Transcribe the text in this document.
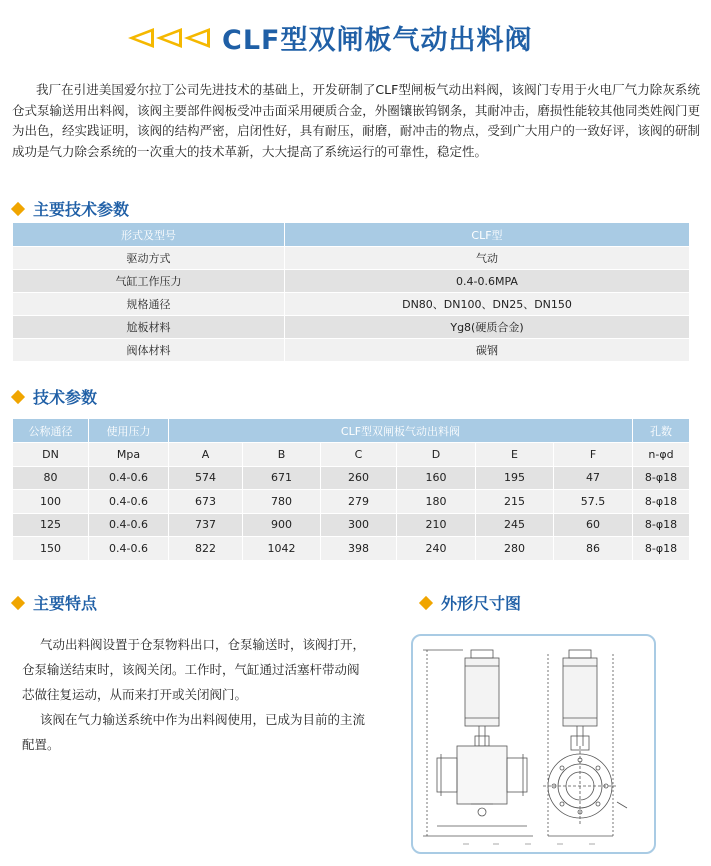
CLF型双闸板气动出料阀
我厂在引进美国爱尔拉丁公司先进技术的基础上，开发研制了CLF型闸板气动出料阀，该阀门专用于火电厂气力除灰系统仓式泵输送用出料阀，该阀主要部件阀板受冲击面采用硬质合金，外圈镶嵌钨钢条，其耐冲击，磨损性能较其他同类姓阀门更为出色，经实践证明，该阀的结构严密，启闭性好，具有耐压，耐磨，耐冲击的物点，受到广大用户的一致好评，该阀的研制成功是气力除会系统的一次重大的技术革新，大大提高了系统运行的可靠性，稳定性。
主要技术参数
形式及型号	CLF型
驱动方式	气动
气缸工作压力	0.4-0.6MPA
规格通径	DN80、DN100、DN25、DN150
尬板材料	Yg8(硬质合金)
阀体材料	碳钢
技术参数
公称通径	使用压力	CLF型双闸板气动出料阀						孔数
DN	Mpa	A	B	C	D	E	F	n-φd
80	0.4-0.6	574	671	260	160	195	47	8-φ18
100	0.4-0.6	673	780	279	180	215	57.5	8-φ18
125	0.4-0.6	737	900	300	210	245	60	8-φ18
150	0.4-0.6	822	1042	398	240	280	86	8-φ18
主要特点

气动出料阀设置于仓泵物料出口，仓泵输送时，该阀打开，仓泵输送结束时，该阀关闭。工作时，气缸通过活塞杆带动阀芯做往复运动，从而来打开或关闭阀门。

该阀在气力输送系统中作为出料阀使用，已成为目前的主流配置。

外形尺寸图
